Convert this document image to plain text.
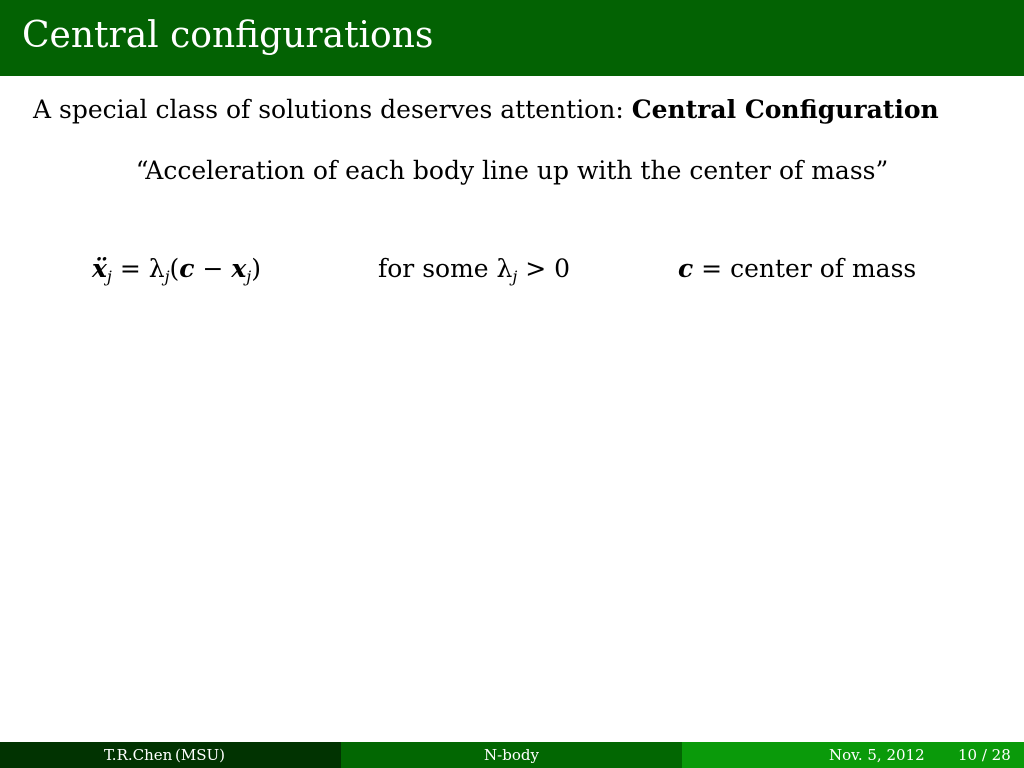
Central configurations
A special class of solutions deserves attention: Central Configuration
“Acceleration of each body line up with the center of mass”
ẍ$_j$ = $\lambda_j(c - x_j)$	for some $\lambda_j > 0$	c = center of mass
T.R.Chen (MSU)	N-body	Nov. 5, 2012 10 / 28
